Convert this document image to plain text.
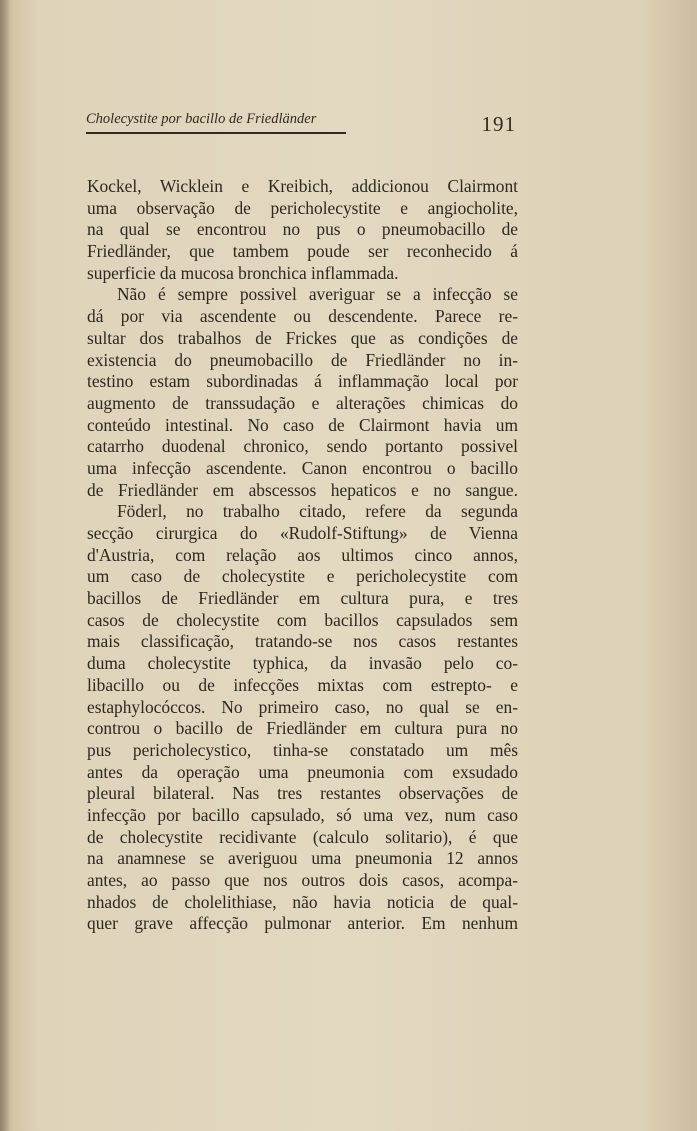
Cholecystite por bacillo de Friedländer	191
Kockel, Wicklein e Kreibich, addicionou Clairmont
uma observação de pericholecystite e angiocholite,
na qual se encontrou no pus o pneumobacillo de
Friedländer, que tambem poude ser reconhecido á
superficie da mucosa bronchica inflammada.
Não é sempre possivel averiguar se a infecção se
dá por via ascendente ou descendente. Parece re-
sultar dos trabalhos de Frickes que as condições de
existencia do pneumobacillo de Friedländer no in-
testino estam subordinadas á inflammação local por
augmento de transsudação e alterações chimicas do
conteúdo intestinal. No caso de Clairmont havia um
catarrho duodenal chronico, sendo portanto possivel
uma infecção ascendente. Canon encontrou o bacillo
de Friedländer em abscessos hepaticos e no sangue.
Föderl, no trabalho citado, refere da segunda
secção cirurgica do «Rudolf-Stiftung» de Vienna
d'Austria, com relação aos ultimos cinco annos,
um caso de cholecystite e pericholecystite com
bacillos de Friedländer em cultura pura, e tres
casos de cholecystite com bacillos capsulados sem
mais classificação, tratando-se nos casos restantes
duma cholecystite typhica, da invasão pelo co-
libacillo ou de infecções mixtas com estrepto- e
estaphylocóccos. No primeiro caso, no qual se en-
controu o bacillo de Friedländer em cultura pura no
pus pericholecystico, tinha-se constatado um mês
antes da operação uma pneumonia com exsudado
pleural bilateral. Nas tres restantes observações de
infecção por bacillo capsulado, só uma vez, num caso
de cholecystite recidivante (calculo solitario), é que
na anamnese se averiguou uma pneumonia 12 annos
antes, ao passo que nos outros dois casos, acompa-
nhados de cholelithiase, não havia noticia de qual-
quer grave affecção pulmonar anterior. Em nenhum
